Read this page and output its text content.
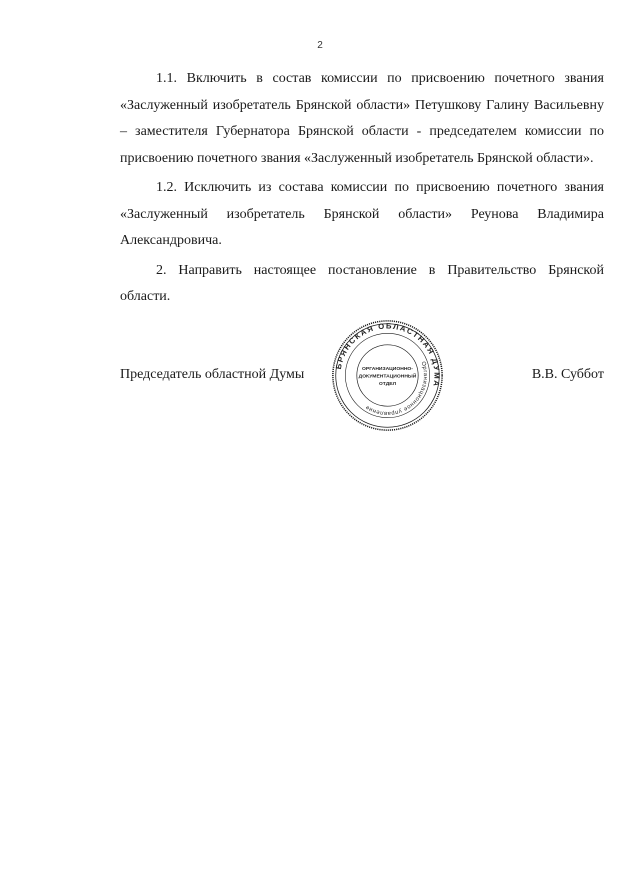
2

1.1. Включить в состав комиссии по присвоению почетного звания «Заслуженный изобретатель Брянской области» Петушкову Галину Васильевну – заместителя Губернатора Брянской области - председателем комиссии по присвоению почетного звания «Заслуженный изобретатель Брянской области».

1.2. Исключить из состава комиссии по присвоению почетного звания «Заслуженный изобретатель Брянской области» Реунова Владимира Александровича.

2. Направить настоящее постановление в Правительство Брянской области.

Председатель областной Думы	В.В. Суббот
БРЯНСКАЯ ОБЛАСТНАЯ ДУМА
Организационное управление
ОРГАНИЗАЦИОННО-
ДОКУМЕНТАЦИОННЫЙ
ОТДЕЛ
